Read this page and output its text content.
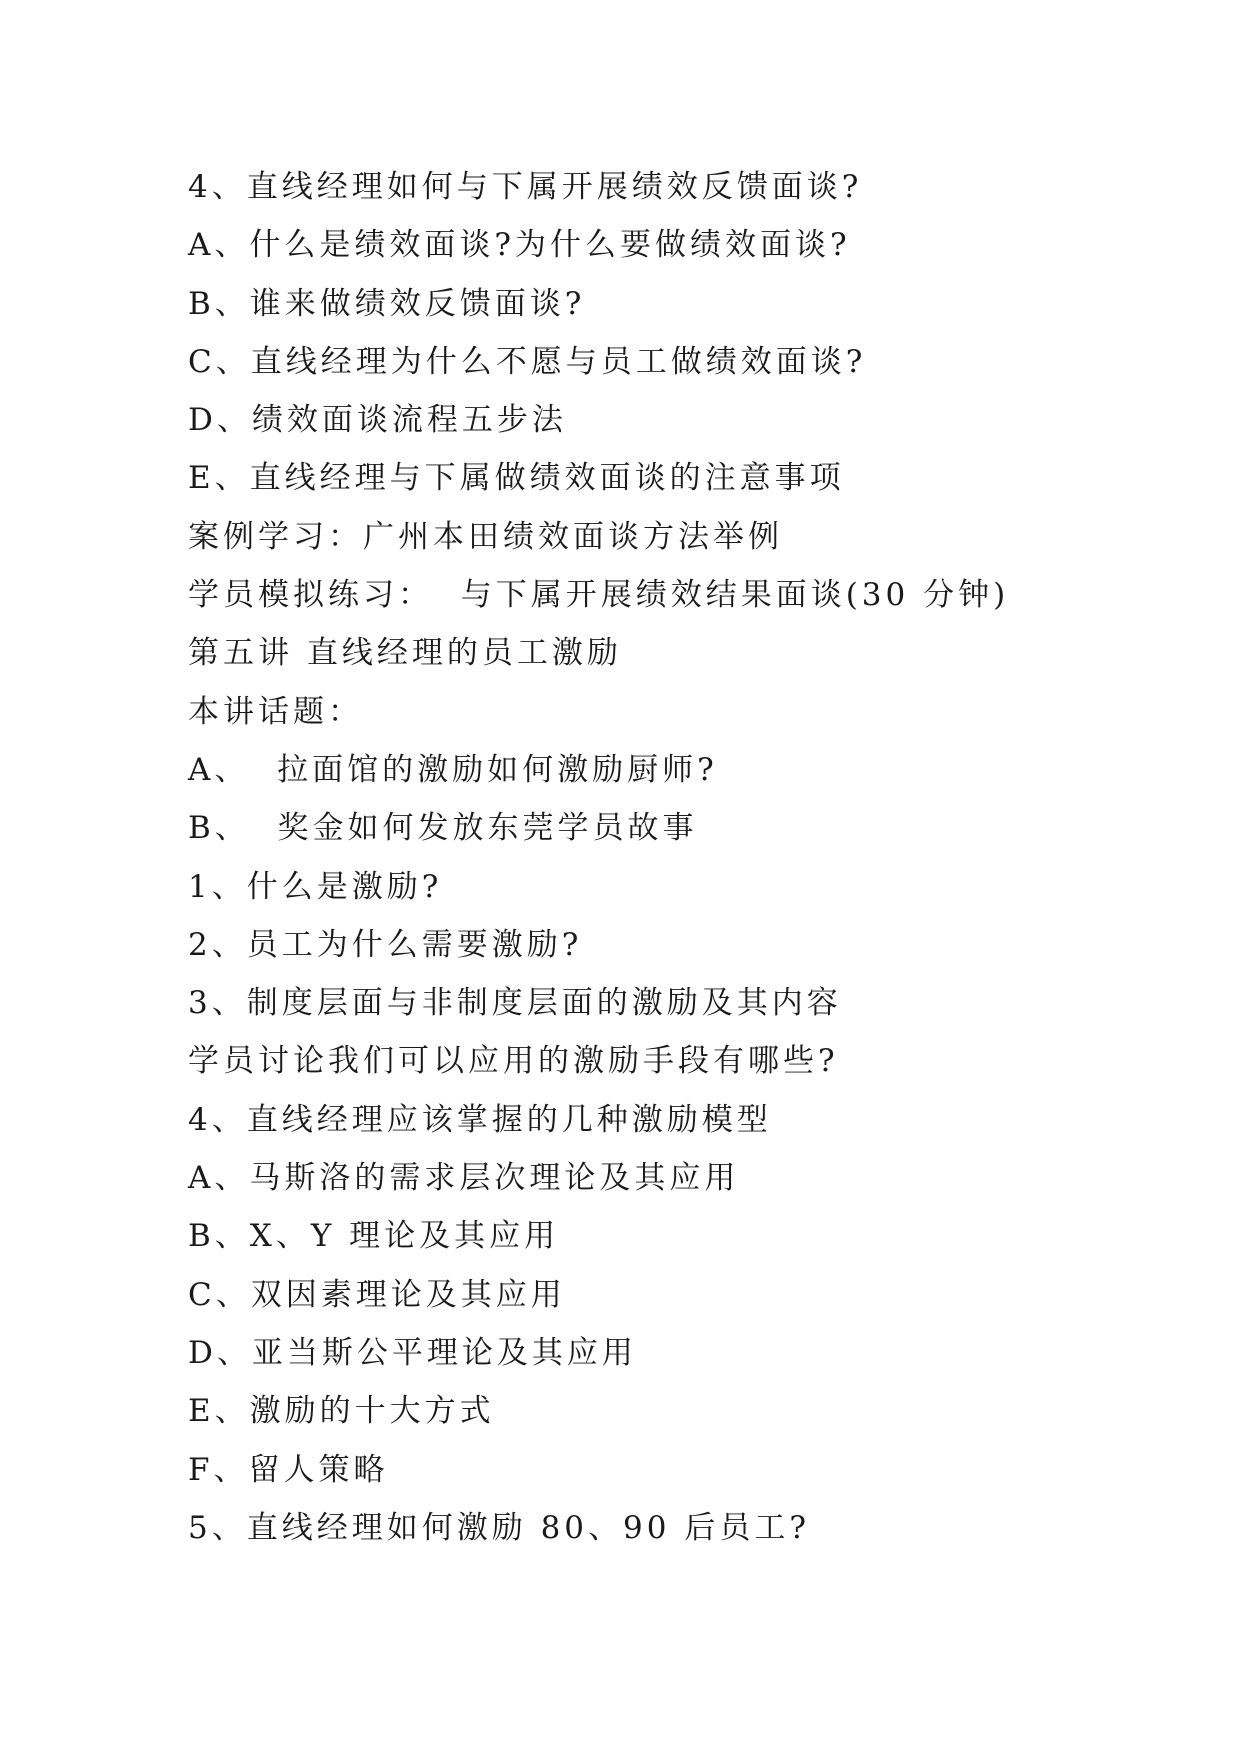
4、直线经理如何与下属开展绩效反馈面谈?
A、什么是绩效面谈?为什么要做绩效面谈?
B、谁来做绩效反馈面谈?
C、直线经理为什么不愿与员工做绩效面谈?
D、绩效面谈流程五步法
E、直线经理与下属做绩效面谈的注意事项
案例学习：广州本田绩效面谈方法举例
学员模拟练习：  与下属开展绩效结果面谈(30 分钟)
第五讲 直线经理的员工激励
本讲话题：
A、  拉面馆的激励如何激励厨师?
B、  奖金如何发放东莞学员故事
1、什么是激励?
2、员工为什么需要激励?
3、制度层面与非制度层面的激励及其内容
学员讨论我们可以应用的激励手段有哪些?
4、直线经理应该掌握的几种激励模型
A、马斯洛的需求层次理论及其应用
B、X、Y 理论及其应用
C、双因素理论及其应用
D、亚当斯公平理论及其应用
E、激励的十大方式
F、留人策略
5、直线经理如何激励 80、90 后员工?
